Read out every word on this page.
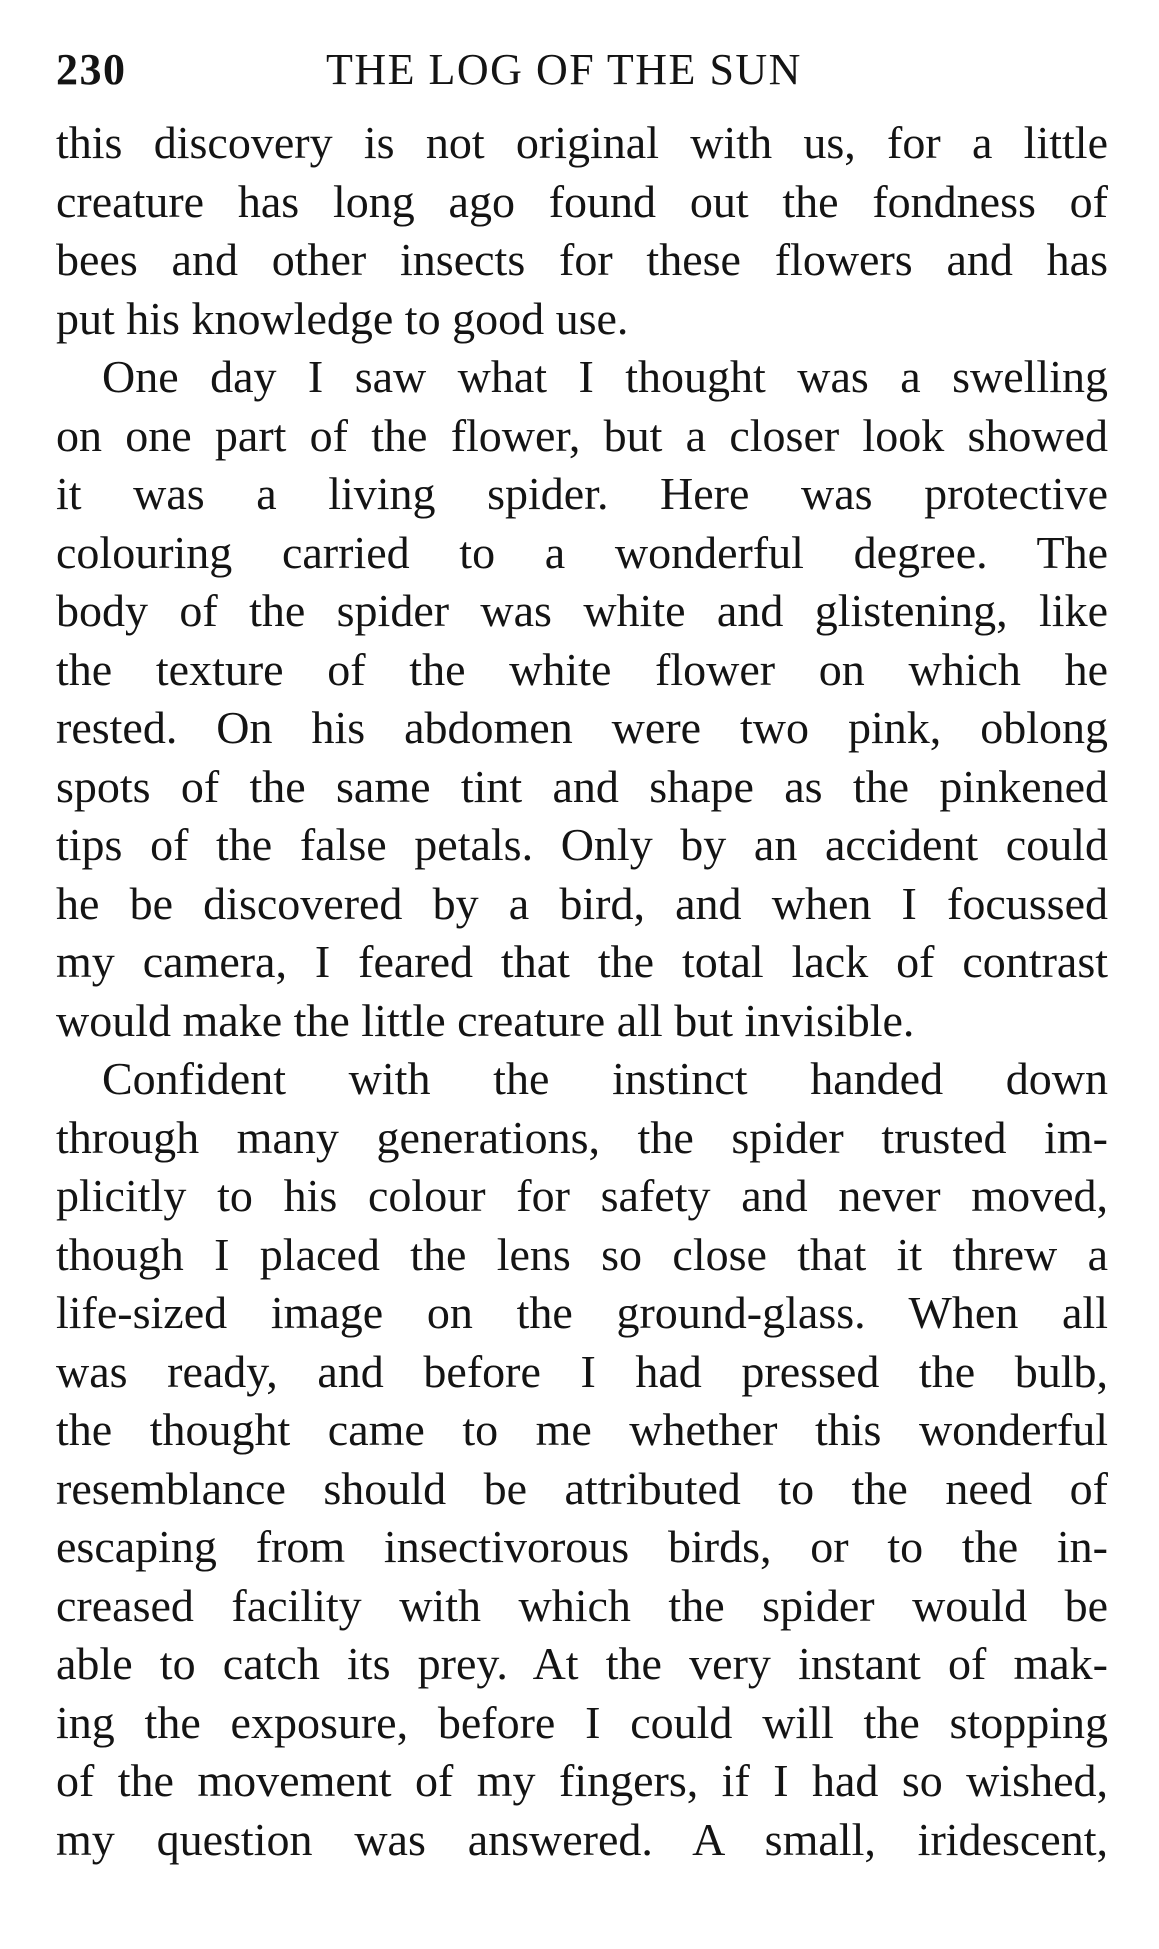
230	THE LOG OF THE SUN
this discovery is not original with us, for a little
creature has long ago found out the fondness of
bees and other insects for these flowers and has
put his knowledge to good use.
One day I saw what I thought was a swelling
on one part of the flower, but a closer look showed
it was a living spider. Here was protective
colouring carried to a wonderful degree. The
body of the spider was white and glistening, like
the texture of the white flower on which he
rested. On his abdomen were two pink, oblong
spots of the same tint and shape as the pinkened
tips of the false petals. Only by an accident could
he be discovered by a bird, and when I focussed
my camera, I feared that the total lack of contrast
would make the little creature all but invisible.
Confident with the instinct handed down
through many generations, the spider trusted im-
plicitly to his colour for safety and never moved,
though I placed the lens so close that it threw a
life-sized image on the ground-glass. When all
was ready, and before I had pressed the bulb,
the thought came to me whether this wonderful
resemblance should be attributed to the need of
escaping from insectivorous birds, or to the in-
creased facility with which the spider would be
able to catch its prey. At the very instant of mak-
ing the exposure, before I could will the stopping
of the movement of my fingers, if I had so wished,
my question was answered. A small, iridescent,
